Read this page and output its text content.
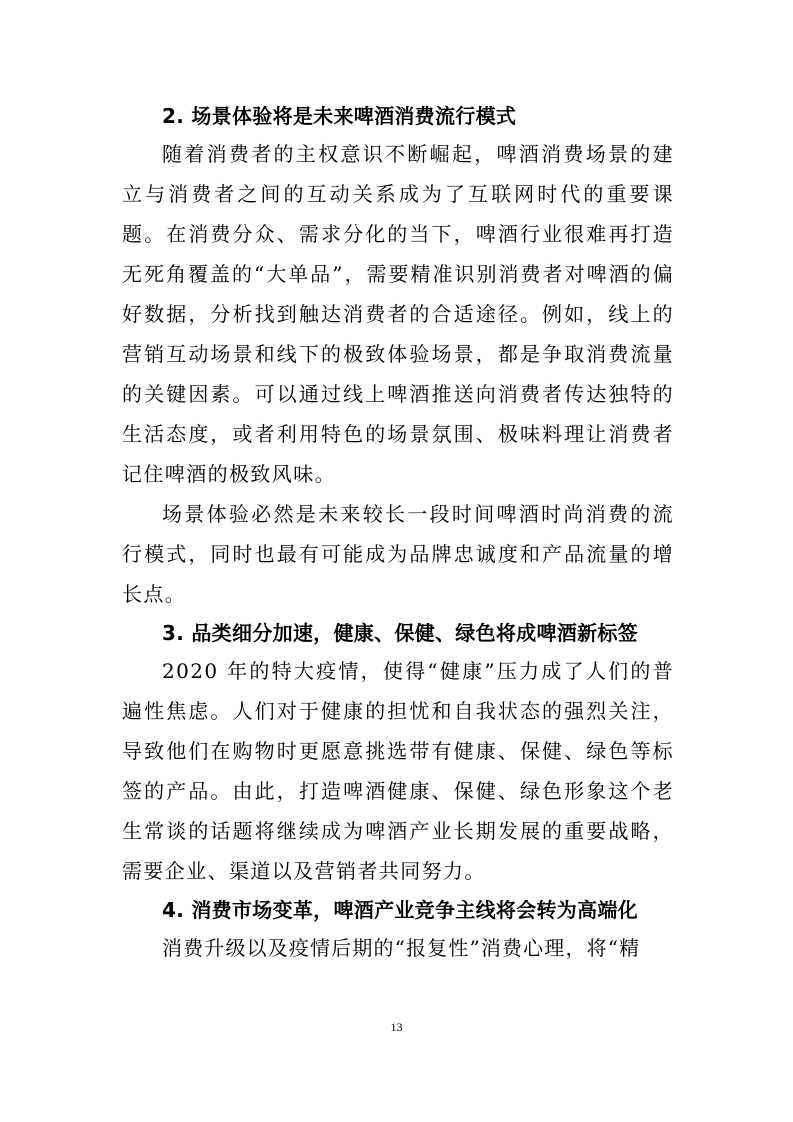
2. 场景体验将是未来啤酒消费流行模式

随着消费者的主权意识不断崛起，啤酒消费场景的建立与消费者之间的互动关系成为了互联网时代的重要课题。在消费分众、需求分化的当下，啤酒行业很难再打造无死角覆盖的“大单品”，需要精准识别消费者对啤酒的偏好数据，分析找到触达消费者的合适途径。例如，线上的营销互动场景和线下的极致体验场景，都是争取消费流量的关键因素。可以通过线上啤酒推送向消费者传达独特的生活态度，或者利用特色的场景氛围、极味料理让消费者记住啤酒的极致风味。

场景体验必然是未来较长一段时间啤酒时尚消费的流行模式，同时也最有可能成为品牌忠诚度和产品流量的增长点。

3. 品类细分加速，健康、保健、绿色将成啤酒新标签

2020 年的特大疫情，使得“健康”压力成了人们的普遍性焦虑。人们对于健康的担忧和自我状态的强烈关注，导致他们在购物时更愿意挑选带有健康、保健、绿色等标签的产品。由此，打造啤酒健康、保健、绿色形象这个老生常谈的话题将继续成为啤酒产业长期发展的重要战略，需要企业、渠道以及营销者共同努力。

4. 消费市场变革，啤酒产业竞争主线将会转为高端化

消费升级以及疫情后期的“报复性”消费心理，将“精

13
